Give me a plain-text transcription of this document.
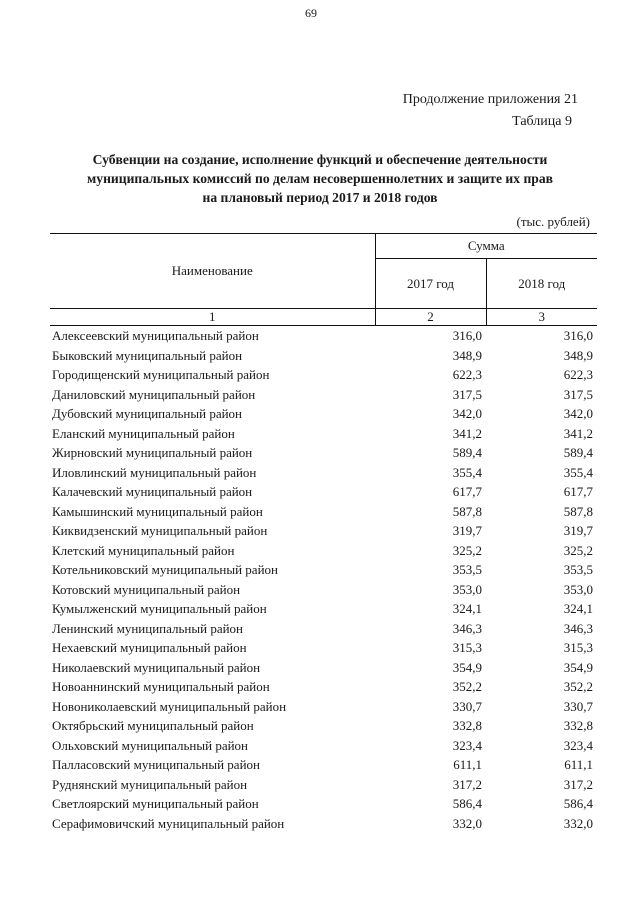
69
Продолжение приложения 21
Таблица 9
Субвенции на создание, исполнение функций и обеспечение деятельности
муниципальных комиссий по делам несовершеннолетних и защите их прав
на плановый период 2017 и 2018 годов
(тыс. рублей)
Наименование	Сумма	
	2017 год	2018 год
1	2	3
Алексеевский муниципальный район	316,0	316,0
Быковский муниципальный район	348,9	348,9
Городищенский муниципальный район	622,3	622,3
Даниловский муниципальный район	317,5	317,5
Дубовский муниципальный район	342,0	342,0
Еланский муниципальный район	341,2	341,2
Жирновский муниципальный район	589,4	589,4
Иловлинский муниципальный район	355,4	355,4
Калачевский муниципальный район	617,7	617,7
Камышинский муниципальный район	587,8	587,8
Киквидзенский муниципальный район	319,7	319,7
Клетский муниципальный район	325,2	325,2
Котельниковский муниципальный район	353,5	353,5
Котовский муниципальный район	353,0	353,0
Кумылженский муниципальный район	324,1	324,1
Ленинский муниципальный район	346,3	346,3
Нехаевский муниципальный район	315,3	315,3
Николаевский муниципальный район	354,9	354,9
Новоаннинский муниципальный район	352,2	352,2
Новониколаевский муниципальный район	330,7	330,7
Октябрьский муниципальный район	332,8	332,8
Ольховский муниципальный район	323,4	323,4
Палласовский муниципальный район	611,1	611,1
Руднянский муниципальный район	317,2	317,2
Светлоярский муниципальный район	586,4	586,4
Серафимовичский муниципальный район	332,0	332,0
